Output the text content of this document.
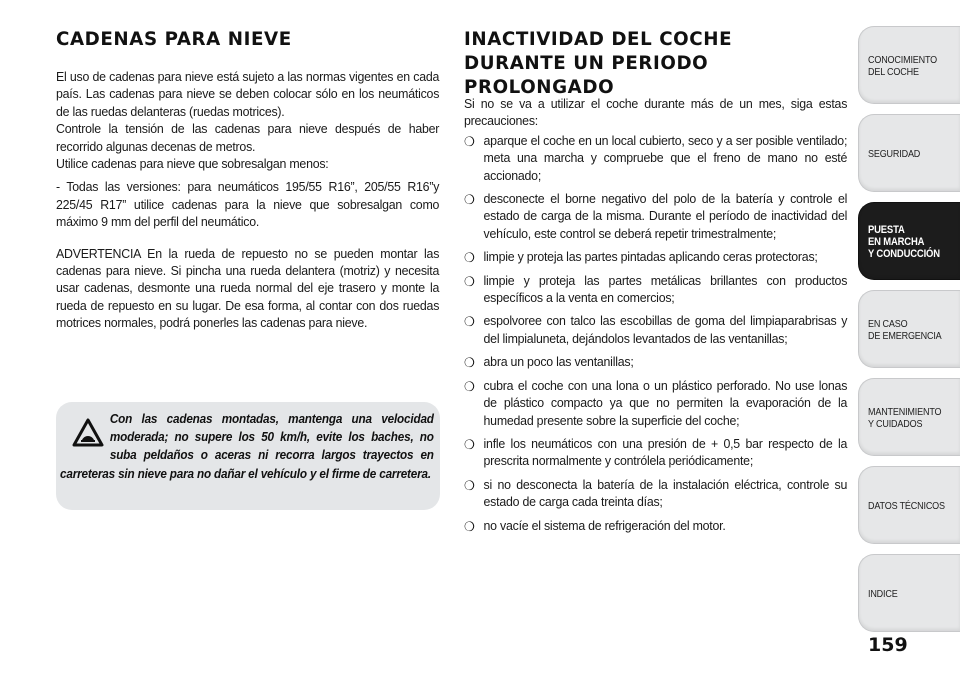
CADENAS PARA NIEVE

El uso de cadenas para nieve está sujeto a las normas vigentes en cada país. Las cadenas para nieve se deben colocar sólo en los neumáticos de las ruedas delanteras (ruedas motrices).

Controle la tensión de las cadenas para nieve después de haber recorrido algunas decenas de metros.

Utilice cadenas para nieve que sobresalgan menos:

- Todas las versiones: para neumáticos 195/55 R16”, 205/55 R16”y 225/45 R17” utilice cadenas para la nieve que sobresalgan como máximo 9 mm del perfil del neumático.

ADVERTENCIA En la rueda de repuesto no se pueden montar las cadenas para nieve. Si pincha una rueda delantera (motriz) y necesita usar cadenas, desmonte una rueda normal del eje trasero y monte la rueda de repuesto en su lugar. De esa forma, al contar con dos ruedas motrices normales, podrá ponerles las cadenas para nieve.

Con las cadenas montadas, mantenga una velocidad moderada; no supere los 50 km/h, evite los baches, no suba peldaños o aceras ni recorra largos trayectos en carreteras sin nieve para no dañar el vehículo y el firme de carretera.
INACTIVIDAD DEL COCHE DURANTE UN PERIODO PROLONGADO

Si no se va a utilizar el coche durante más de un mes, siga estas precauciones:

❍ aparque el coche en un local cubierto, seco y a ser posible ventilado; meta una marcha y compruebe que el freno de mano no esté accionado;
❍ desconecte el borne negativo del polo de la batería y controle el estado de carga de la misma. Durante el período de inactividad del vehículo, este control se deberá repetir trimestralmente;
❍ limpie y proteja las partes pintadas aplicando ceras protectoras;
❍ limpie y proteja las partes metálicas brillantes con productos específicos a la venta en comercios;
❍ espolvoree con talco las escobillas de goma del limpiaparabrisas y del limpialuneta, dejándolos levantados de las ventanillas;
❍ abra un poco las ventanillas;
❍ cubra el coche con una lona o un plástico perforado. No use lonas de plástico compacto ya que no permiten la evaporación de la humedad presente sobre la superficie del coche;
❍ infle los neumáticos con una presión de + 0,5 bar respecto de la prescrita normalmente y contrólela periódicamente;
❍ si no desconecta la batería de la instalación eléctrica, controle su estado de carga cada treinta días;
❍ no vacíe el sistema de refrigeración del motor.
CONOCIMIENTO
DEL COCHE
SEGURIDAD
PUESTA
EN MARCHA
Y CONDUCCIÓN
EN CASO
DE EMERGENCIA
MANTENIMIENTO
Y CUIDADOS
DATOS TÉCNICOS
INDICE
159
